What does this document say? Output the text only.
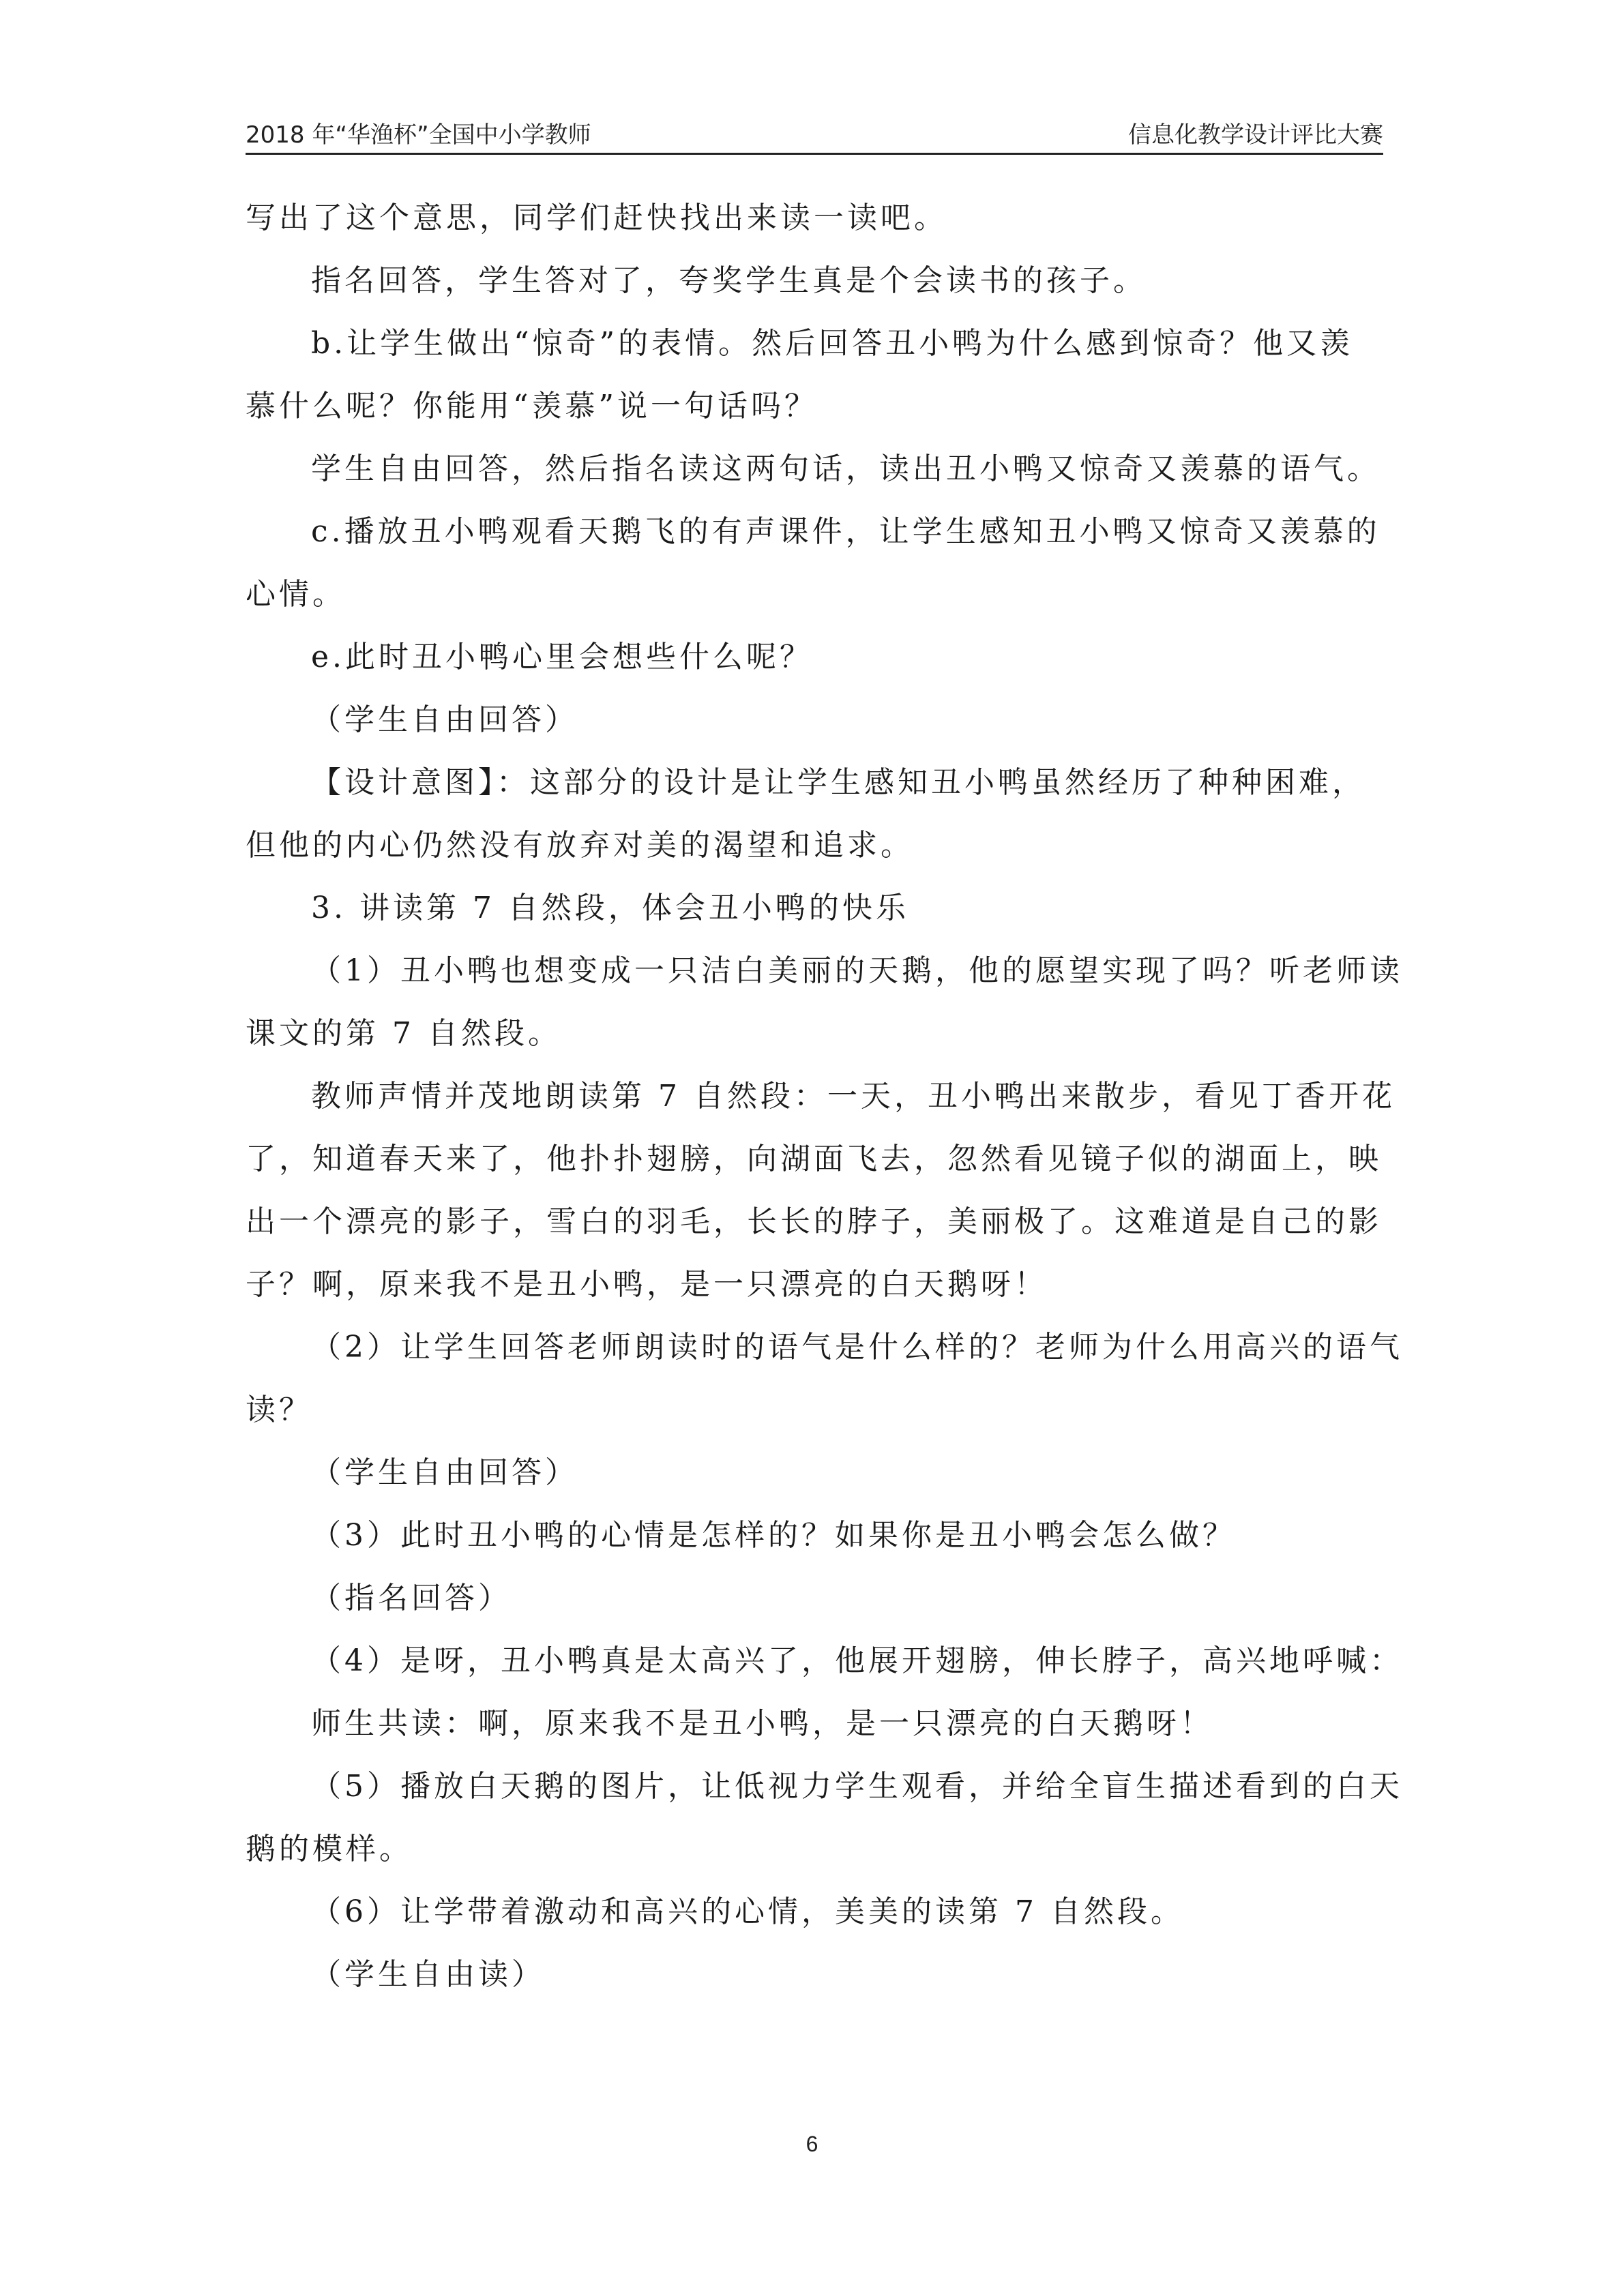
2018 年“华渔杯”全国中小学教师	信息化教学设计评比大赛
写出了这个意思，同学们赶快找出来读一读吧。
指名回答，学生答对了，夸奖学生真是个会读书的孩子。
b.让学生做出“惊奇”的表情。然后回答丑小鸭为什么感到惊奇？他又羡
慕什么呢？你能用“羡慕”说一句话吗？
学生自由回答，然后指名读这两句话，读出丑小鸭又惊奇又羡慕的语气。
c.播放丑小鸭观看天鹅飞的有声课件，让学生感知丑小鸭又惊奇又羡慕的
心情。
e.此时丑小鸭心里会想些什么呢？
（学生自由回答）
【设计意图】：这部分的设计是让学生感知丑小鸭虽然经历了种种困难，
但他的内心仍然没有放弃对美的渴望和追求。
3. 讲读第 7 自然段，体会丑小鸭的快乐
（1）丑小鸭也想变成一只洁白美丽的天鹅，他的愿望实现了吗？听老师读
课文的第 7 自然段。
教师声情并茂地朗读第 7 自然段：一天，丑小鸭出来散步，看见丁香开花
了，知道春天来了，他扑扑翅膀，向湖面飞去，忽然看见镜子似的湖面上，映
出一个漂亮的影子，雪白的羽毛，长长的脖子，美丽极了。这难道是自己的影
子？啊，原来我不是丑小鸭，是一只漂亮的白天鹅呀！
（2）让学生回答老师朗读时的语气是什么样的？老师为什么用高兴的语气
读？
（学生自由回答）
（3）此时丑小鸭的心情是怎样的？如果你是丑小鸭会怎么做？
（指名回答）
（4）是呀，丑小鸭真是太高兴了，他展开翅膀，伸长脖子，高兴地呼喊：
师生共读：啊，原来我不是丑小鸭，是一只漂亮的白天鹅呀！
（5）播放白天鹅的图片，让低视力学生观看，并给全盲生描述看到的白天
鹅的模样。
（6）让学带着激动和高兴的心情，美美的读第 7 自然段。
（学生自由读）
6
